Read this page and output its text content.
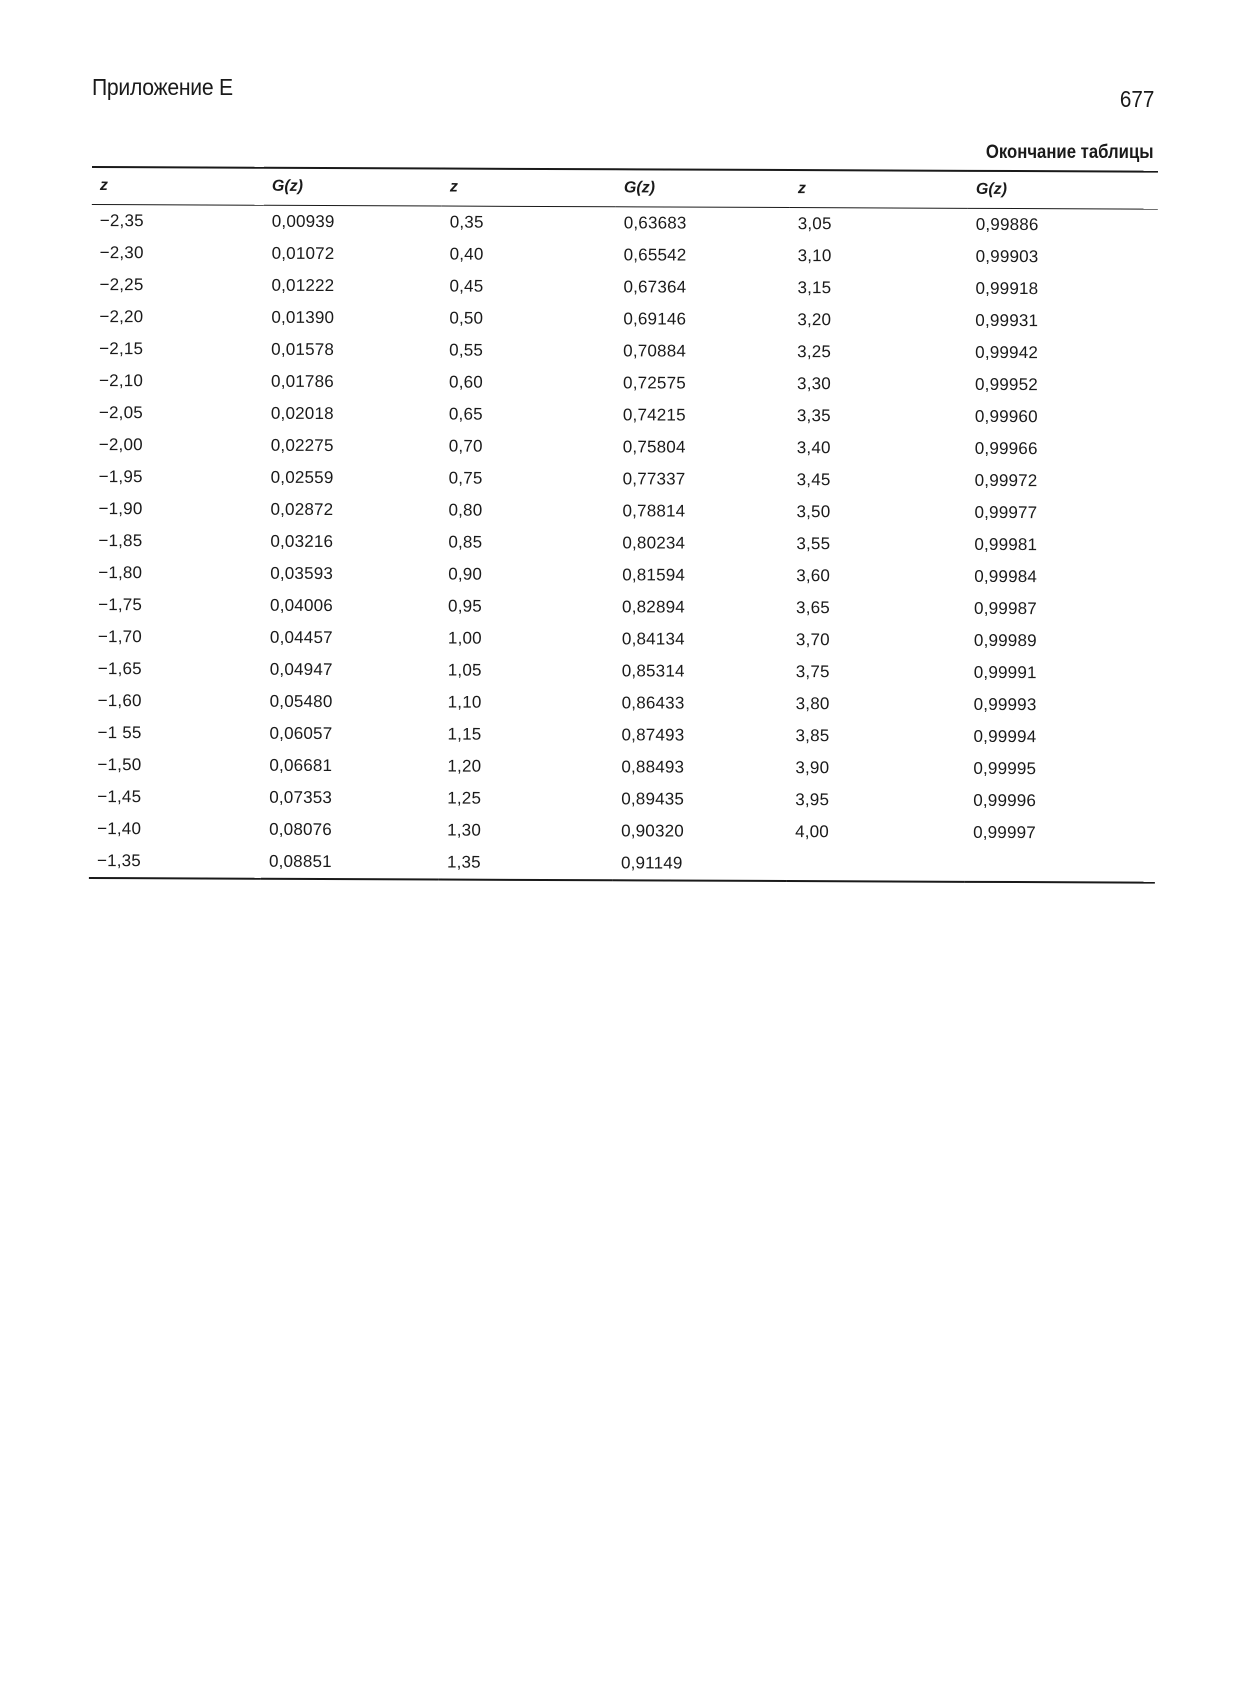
Приложение Е	677
Окончание таблицы
z	G(z)	z	G(z)	z	G(z)
−2,35	0,00939	0,35	0,63683	3,05	0,99886
−2,30	0,01072	0,40	0,65542	3,10	0,99903
−2,25	0,01222	0,45	0,67364	3,15	0,99918
−2,20	0,01390	0,50	0,69146	3,20	0,99931
−2,15	0,01578	0,55	0,70884	3,25	0,99942
−2,10	0,01786	0,60	0,72575	3,30	0,99952
−2,05	0,02018	0,65	0,74215	3,35	0,99960
−2,00	0,02275	0,70	0,75804	3,40	0,99966
−1,95	0,02559	0,75	0,77337	3,45	0,99972
−1,90	0,02872	0,80	0,78814	3,50	0,99977
−1,85	0,03216	0,85	0,80234	3,55	0,99981
−1,80	0,03593	0,90	0,81594	3,60	0,99984
−1,75	0,04006	0,95	0,82894	3,65	0,99987
−1,70	0,04457	1,00	0,84134	3,70	0,99989
−1,65	0,04947	1,05	0,85314	3,75	0,99991
−1,60	0,05480	1,10	0,86433	3,80	0,99993
−1 55	0,06057	1,15	0,87493	3,85	0,99994
−1,50	0,06681	1,20	0,88493	3,90	0,99995
−1,45	0,07353	1,25	0,89435	3,95	0,99996
−1,40	0,08076	1,30	0,90320	4,00	0,99997
−1,35	0,08851	1,35	0,91149		
